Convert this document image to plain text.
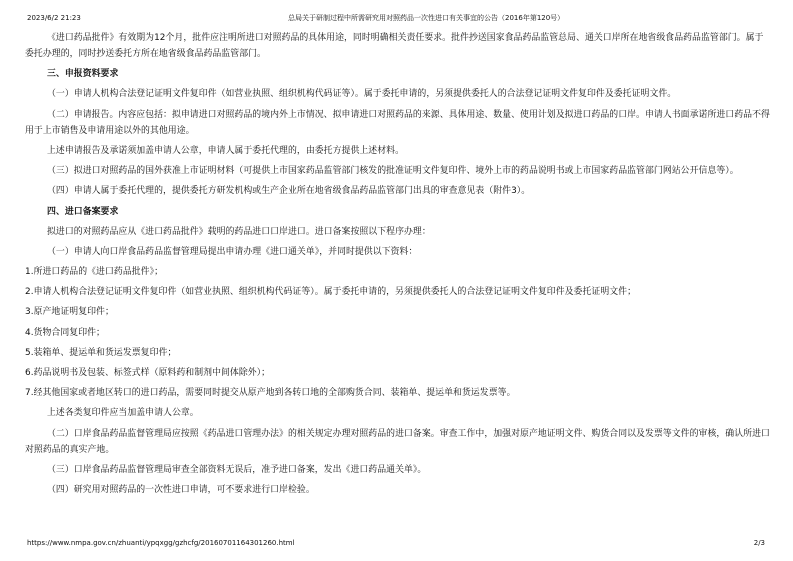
2023/6/2 21:23	总局关于研制过程中所需研究用对照药品一次性进口有关事宜的公告（2016年第120号）

《进口药品批件》有效期为12个月，批件应注明所进口对照药品的具体用途，同时明确相关责任要求。批件抄送国家食品药品监管总局、通关口岸所在地省级食品药品监管部门。属于委托办理的，同时抄送委托方所在地省级食品药品监管部门。

三、申报资料要求

（一）申请人机构合法登记证明文件复印件（如营业执照、组织机构代码证等）。属于委托申请的，另须提供委托人的合法登记证明文件复印件及委托证明文件。

（二）申请报告。内容应包括：拟申请进口对照药品的境内外上市情况、拟申请进口对照药品的来源、具体用途、数量、使用计划及拟进口药品的口岸。申请人书面承诺所进口药品不得用于上市销售及申请用途以外的其他用途。

上述申请报告及承诺须加盖申请人公章，申请人属于委托代理的，由委托方提供上述材料。

（三）拟进口对照药品的国外获准上市证明材料（可提供上市国家药品监管部门核发的批准证明文件复印件、境外上市的药品说明书或上市国家药品监管部门网站公开信息等）。

（四）申请人属于委托代理的，提供委托方研发机构或生产企业所在地省级食品药品监管部门出具的审查意见表（附件3）。

四、进口备案要求

拟进口的对照药品应从《进口药品批件》载明的药品进口口岸进口。进口备案按照以下程序办理：

（一）申请人向口岸食品药品监督管理局提出申请办理《进口通关单》，并同时提供以下资料：

1.所进口药品的《进口药品批件》；

2.申请人机构合法登记证明文件复印件（如营业执照、组织机构代码证等）。属于委托申请的，另须提供委托人的合法登记证明文件复印件及委托证明文件；

3.原产地证明复印件；

4.货物合同复印件；

5.装箱单、提运单和货运发票复印件；

6.药品说明书及包装、标签式样（原料药和制剂中间体除外）；

7.经其他国家或者地区转口的进口药品，需要同时提交从原产地到各转口地的全部购货合同、装箱单、提运单和货运发票等。

上述各类复印件应当加盖申请人公章。

（二）口岸食品药品监督管理局应按照《药品进口管理办法》的相关规定办理对照药品的进口备案。审查工作中，加强对原产地证明文件、购货合同以及发票等文件的审核，确认所进口对照药品的真实产地。

（三）口岸食品药品监督管理局审查全部资料无误后，准予进口备案，发出《进口药品通关单》。

（四）研究用对照药品的一次性进口申请，可不要求进行口岸检验。

https://www.nmpa.gov.cn/zhuanti/ypqxgg/gzhcfg/20160701164301260.html	2/3
